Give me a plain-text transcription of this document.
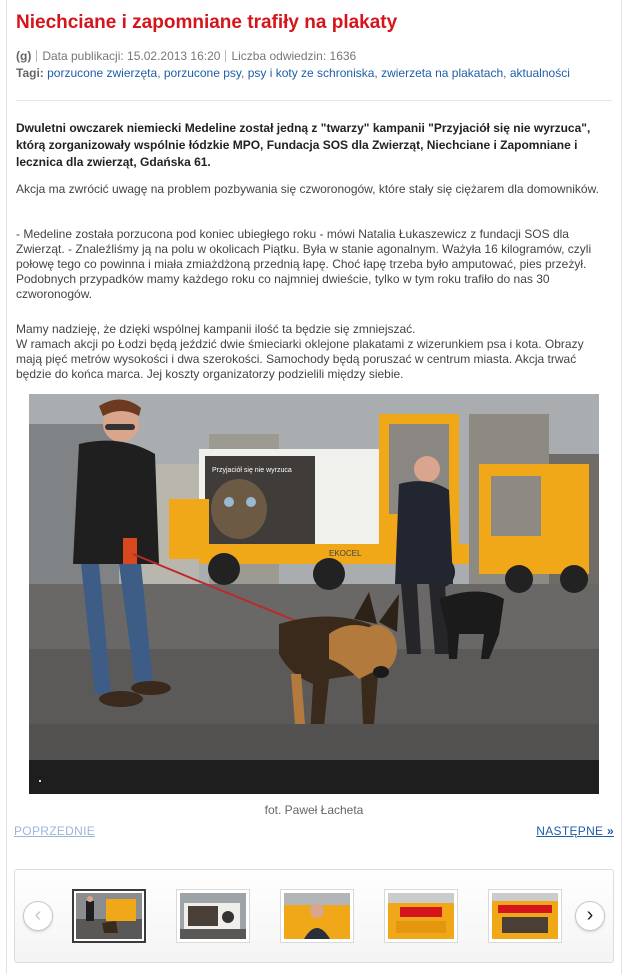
Niechciane i zapomniane trafiły na plakaty
(g) Data publikacji: 15.02.2013 16:20 Liczba odwiedzin: 1636
Tagi: porzucone zwierzęta, porzucone psy, psy i koty ze schroniska, zwierzeta na plakatach, aktualności

Dwuletni owczarek niemiecki Medeline został jedną z "twarzy" kampanii "Przyjaciół się nie wyrzuca", którą zorganizowały wspólnie łódzkie MPO, Fundacja SOS dla Zwierząt, Niechciane i Zapomniane i lecznica dla zwierząt, Gdańska 61.

Akcja ma zwrócić uwagę na problem pozbywania się czworonogów, które stały się ciężarem dla domowników.

- Medeline została porzucona pod koniec ubiegłego roku - mówi Natalia Łukaszewicz z fundacji SOS dla Zwierząt. - Znaleźliśmy ją na polu w okolicach Piątku. Była w stanie agonalnym. Ważyła 16 kilogramów, czyli połowę tego co powinna i miała zmiażdżoną przednią łapę. Choć łapę trzeba było amputować, pies przeżył. Podobnych przypadków mamy każdego roku co najmniej dwieście, tylko w tym roku trafiło do nas 30 czworonogów.

Mamy nadzieję, że dzięki wspólnej kampanii ilość ta będzie się zmniejszać.
W ramach akcji po Łodzi będą jeździć dwie śmieciarki oklejone plakatami z wizerunkiem psa i kota. Obrazy mają pięć metrów wysokości i dwa szerokości. Samochody będą poruszać w centrum miasta. Akcja trwać będzie do końca marca. Jej koszty organizatorzy podzielili między siebie.

Przyjaciół się nie wyrzuca
EKOCEL
fot. Paweł Łacheta
POPRZEDNIE	NASTĘPNE »
‹	›
